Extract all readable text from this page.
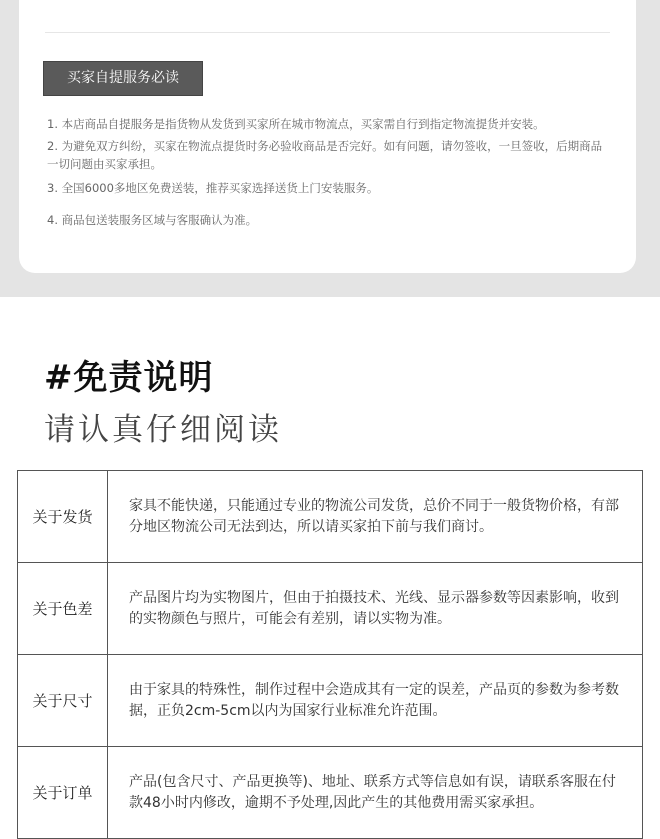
买家自提服务必读
1. 本店商品自提服务是指货物从发货到买家所在城市物流点，买家需自行到指定物流提货并安装。
2. 为避免双方纠纷，买家在物流点提货时务必验收商品是否完好。如有问题，请勿签收，一旦签收，后期商品一切问题由买家承担。
3. 全国6000多地区免费送装，推荐买家选择送货上门安装服务。
4. 商品包送装服务区域与客服确认为准。
#免责说明
请认真仔细阅读
关于发货	家具不能快递，只能通过专业的物流公司发货，总价不同于一般货物价格，有部分地区物流公司无法到达，所以请买家拍下前与我们商讨。
关于色差	产品图片均为实物图片，但由于拍摄技术、光线、显示器参数等因素影响，收到的实物颜色与照片，可能会有差别，请以实物为准。
关于尺寸	由于家具的特殊性，制作过程中会造成其有一定的误差，产品页的参数为参考数据，正负2cm-5cm以内为国家行业标准允许范围。
关于订单	产品(包含尺寸、产品更换等)、地址、联系方式等信息如有误，请联系客服在付款48小时内修改，逾期不予处理,因此产生的其他费用需买家承担。
